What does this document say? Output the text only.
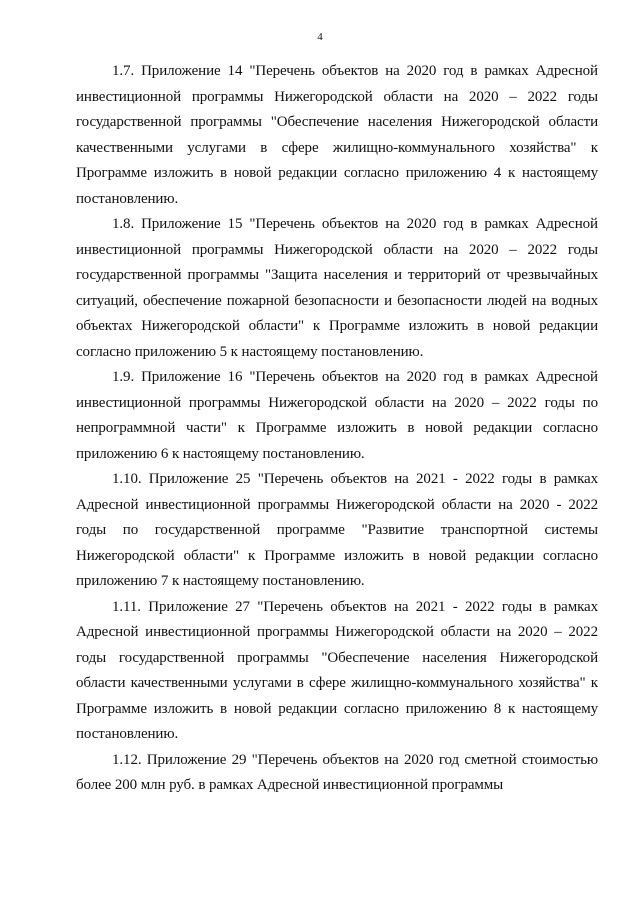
4

1.7. Приложение 14 "Перечень объектов на 2020 год в рамках Адресной инвестиционной программы Нижегородской области на 2020 – 2022 годы государственной программы "Обеспечение населения Нижегородской области качественными услугами в сфере жилищно-коммунального хозяйства" к Программе изложить в новой редакции согласно приложению 4 к настоящему постановлению.

1.8. Приложение 15 "Перечень объектов на 2020 год в рамках Адресной инвестиционной программы Нижегородской области на 2020 – 2022 годы государственной программы "Защита населения и территорий от чрезвычайных ситуаций, обеспечение пожарной безопасности и безопасности людей на водных объектах Нижегородской области" к Программе изложить в новой редакции согласно приложению 5 к настоящему постановлению.

1.9. Приложение 16 "Перечень объектов на 2020 год в рамках Адресной инвестиционной программы Нижегородской области на 2020 – 2022 годы по непрограммной части" к Программе изложить в новой редакции согласно приложению 6 к настоящему постановлению.

1.10. Приложение 25 "Перечень объектов на 2021 - 2022 годы в рамках Адресной инвестиционной программы Нижегородской области на 2020 - 2022 годы по государственной программе "Развитие транспортной системы Нижегородской области" к Программе изложить в новой редакции согласно приложению 7 к настоящему постановлению.

1.11. Приложение 27 "Перечень объектов на 2021 - 2022 годы в рамках Адресной инвестиционной программы Нижегородской области на 2020 – 2022 годы государственной программы "Обеспечение населения Нижегородской области качественными услугами в сфере жилищно-коммунального хозяйства" к Программе изложить в новой редакции согласно приложению 8 к настоящему постановлению.

1.12. Приложение 29 "Перечень объектов на 2020 год сметной стоимостью более 200 млн руб. в рамках Адресной инвестиционной программы
